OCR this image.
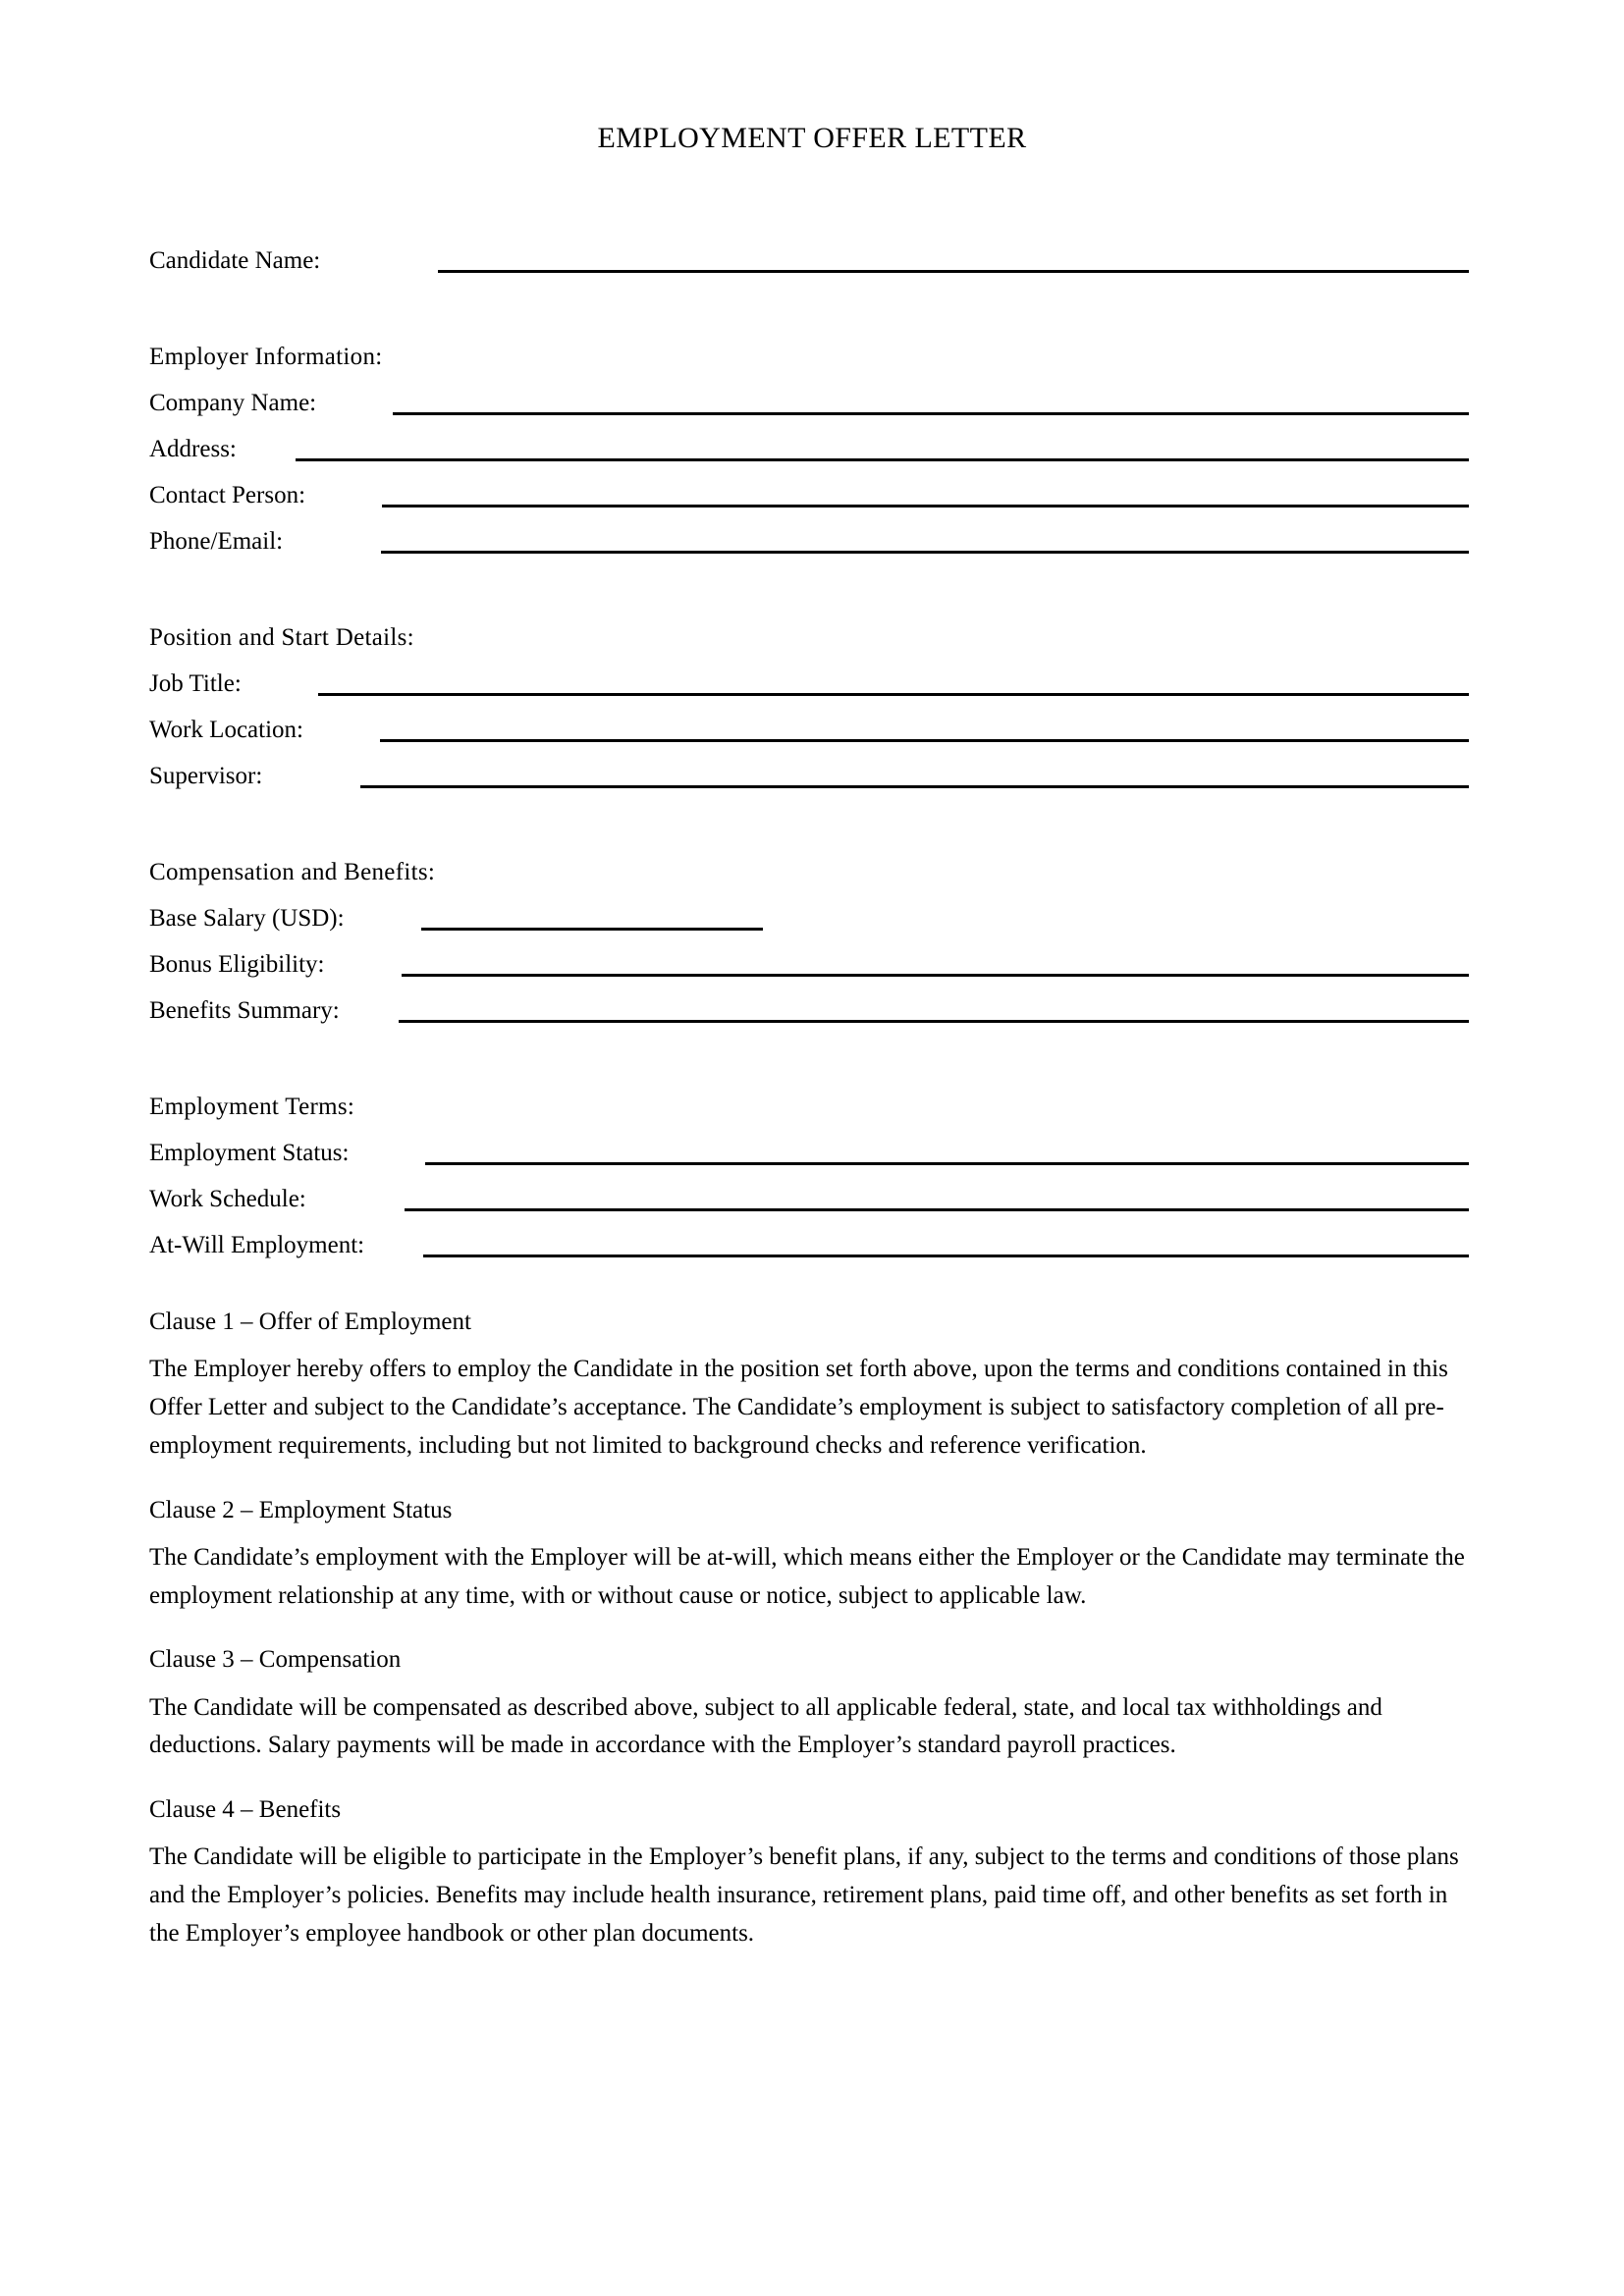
EMPLOYMENT OFFER LETTER
Candidate Name:
Employer Information:
Company Name:
Address:
Contact Person:
Phone/Email:
Position and Start Details:
Job Title:
Work Location:
Supervisor:
Compensation and Benefits:
Base Salary (USD):
Bonus Eligibility:
Benefits Summary:
Employment Terms:
Employment Status:
Work Schedule:
At-Will Employment:
Clause 1 – Offer of Employment
The Employer hereby offers to employ the Candidate in the position set forth above, upon the terms and conditions contained in this Offer Letter and subject to the Candidate’s acceptance. The Candidate’s employment is subject to satisfactory completion of all pre-employment requirements, including but not limited to background checks and reference verification.
Clause 2 – Employment Status
The Candidate’s employment with the Employer will be at-will, which means either the Employer or the Candidate may terminate the employment relationship at any time, with or without cause or notice, subject to applicable law.
Clause 3 – Compensation
The Candidate will be compensated as described above, subject to all applicable federal, state, and local tax withholdings and deductions. Salary payments will be made in accordance with the Employer’s standard payroll practices.
Clause 4 – Benefits
The Candidate will be eligible to participate in the Employer’s benefit plans, if any, subject to the terms and conditions of those plans and the Employer’s policies. Benefits may include health insurance, retirement plans, paid time off, and other benefits as set forth in the Employer’s employee handbook or other plan documents.
